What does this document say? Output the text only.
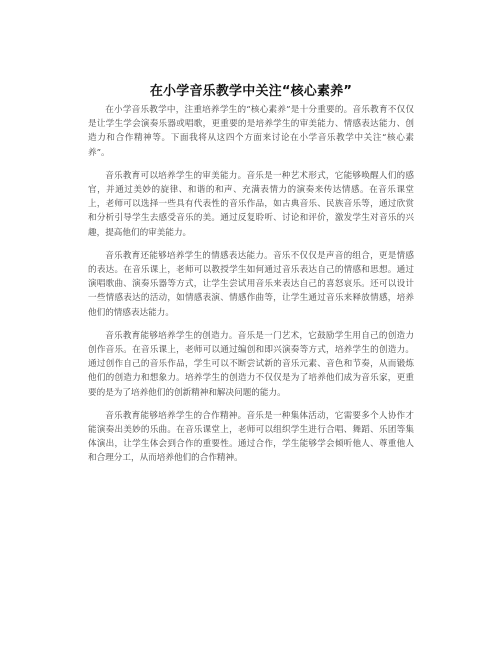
在小学音乐教学中关注“核心素养”

在小学音乐教学中，注重培养学生的“核心素养”是十分重要的。音乐教育不仅仅是让学生学会演奏乐器或唱歌，更重要的是培养学生的审美能力、情感表达能力、创造力和合作精神等。下面我将从这四个方面来讨论在小学音乐教学中关注“核心素养”。

音乐教育可以培养学生的审美能力。音乐是一种艺术形式，它能够唤醒人们的感官，并通过美妙的旋律、和谐的和声、充满表情力的演奏来传达情感。在音乐课堂上，老师可以选择一些具有代表性的音乐作品，如古典音乐、民族音乐等，通过欣赏和分析引导学生去感受音乐的美。通过反复聆听、讨论和评价，激发学生对音乐的兴趣，提高他们的审美能力。

音乐教育还能够培养学生的情感表达能力。音乐不仅仅是声音的组合，更是情感的表达。在音乐课上，老师可以教授学生如何通过音乐表达自己的情感和思想。通过演唱歌曲、演奏乐器等方式，让学生尝试用音乐来表达自己的喜怒哀乐。还可以设计一些情感表达的活动，如情感表演、情感作曲等，让学生通过音乐来释放情感，培养他们的情感表达能力。

音乐教育能够培养学生的创造力。音乐是一门艺术，它鼓励学生用自己的创造力创作音乐。在音乐课上，老师可以通过编创和即兴演奏等方式，培养学生的创造力。通过创作自己的音乐作品，学生可以不断尝试新的音乐元素、音色和节奏，从而锻炼他们的创造力和想象力。培养学生的创造力不仅仅是为了培养他们成为音乐家，更重要的是为了培养他们的创新精神和解决问题的能力。

音乐教育能够培养学生的合作精神。音乐是一种集体活动，它需要多个人协作才能演奏出美妙的乐曲。在音乐课堂上，老师可以组织学生进行合唱、舞蹈、乐团等集体演出，让学生体会到合作的重要性。通过合作，学生能够学会倾听他人、尊重他人和合理分工，从而培养他们的合作精神。
